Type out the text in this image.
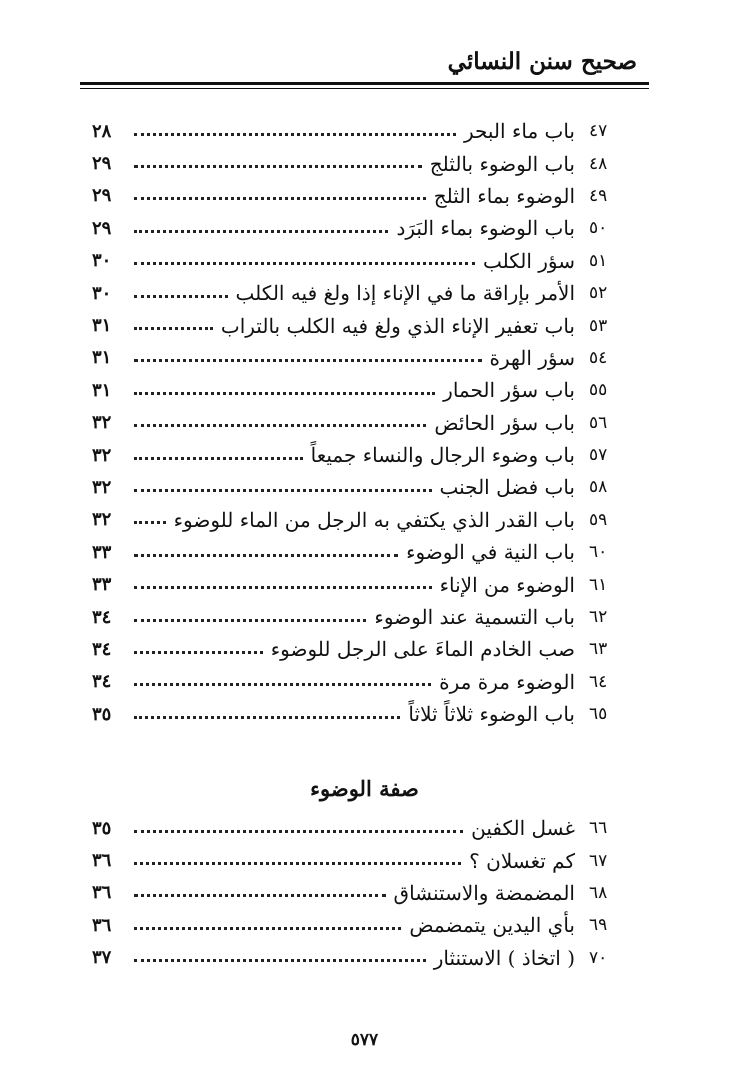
صحيح سنن النسائي
٤٧
باب ماء البحر
٢٨
٤٨
باب الوضوء بالثلج
٢٩
٤٩
الوضوء بماء الثلج
٢٩
٥٠
باب الوضوء بماء البَرَد
٢٩
٥١
سؤر الكلب
٣٠
٥٢
الأمر بإراقة ما في الإناء إذا ولغ فيه الكلب
٣٠
٥٣
باب تعفير الإناء الذي ولغ فيه الكلب بالتراب
٣١
٥٤
سؤر الهرة
٣١
٥٥
باب سؤر الحمار
٣١
٥٦
باب سؤر الحائض
٣٢
٥٧
باب وضوء الرجال والنساء جميعاً
٣٢
٥٨
باب فضل الجنب
٣٢
٥٩
باب القدر الذي يكتفي به الرجل من الماء للوضوء
٣٢
٦٠
باب النية في الوضوء
٣٣
٦١
الوضوء من الإناء
٣٣
٦٢
باب التسمية عند الوضوء
٣٤
٦٣
صب الخادم الماءَ على الرجل للوضوء
٣٤
٦٤
الوضوء مرة مرة
٣٤
٦٥
باب الوضوء ثلاثاً ثلاثاً
٣٥
صفة الوضوء
٦٦
غسل الكفين
٣٥
٦٧
كم تغسلان ؟
٣٦
٦٨
المضمضة والاستنشاق
٣٦
٦٩
بأي اليدين يتمضمض
٣٦
٧٠
( اتخاذ ) الاستنثار
٣٧
٥٧٧
